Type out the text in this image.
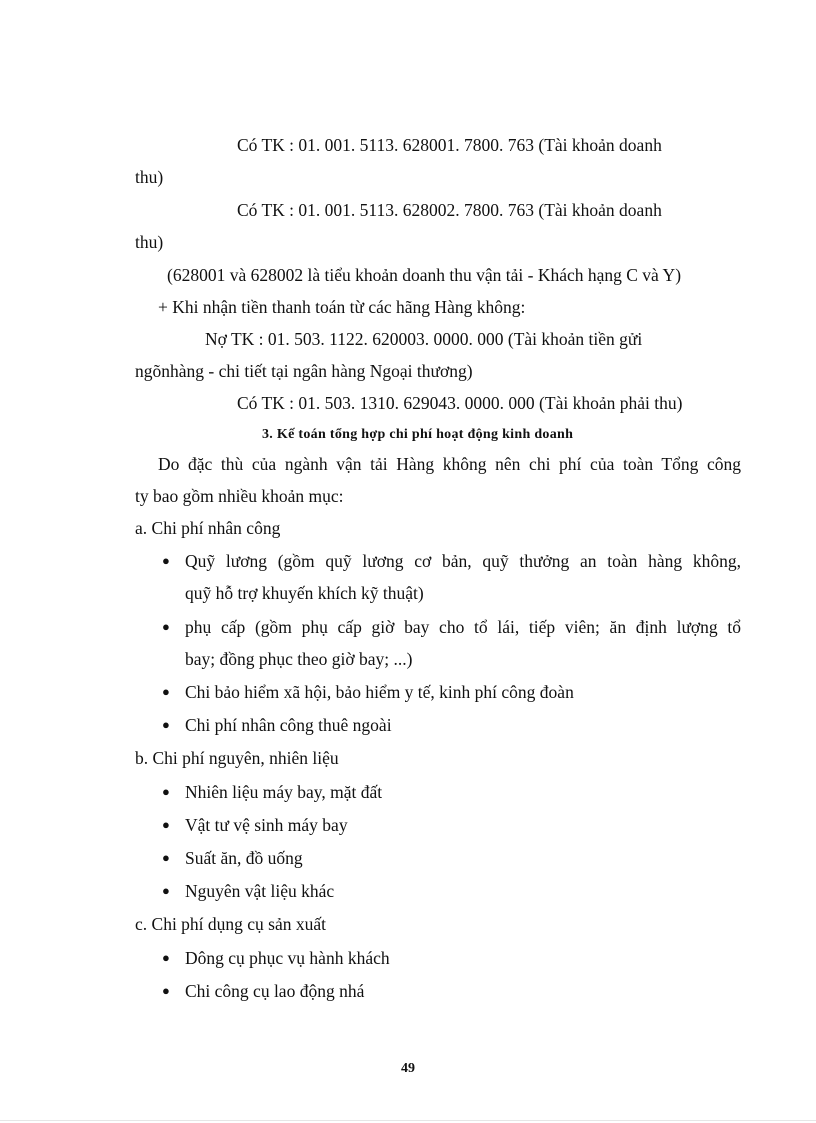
Có TK : 01. 001. 5113. 628001. 7800. 763 (Tài khoản doanh
thu)
Có TK : 01. 001. 5113. 628002. 7800. 763 (Tài khoản doanh
thu)
(628001 và 628002 là tiểu khoản doanh thu vận tải - Khách hạng C và Y)
+ Khi nhận tiền thanh toán từ các hãng Hàng không:
Nợ TK : 01. 503. 1122. 620003. 0000. 000 (Tài khoản tiền gửi
ngõnhàng - chi tiết tại ngân hàng Ngoại thương)
Có TK : 01. 503. 1310. 629043. 0000. 000 (Tài khoản phải thu)
3. Kế toán tổng hợp chi phí hoạt động kinh doanh
Do đặc thù của ngành vận tải Hàng không nên chi phí của toàn Tổng công
ty bao gồm nhiều khoản mục:
a. Chi phí nhân công
● Quỹ lương (gồm quỹ lương cơ bản, quỹ thưởng an toàn hàng không,
quỹ hỗ trợ khuyến khích kỹ thuật)
● phụ cấp (gồm phụ cấp giờ bay cho tổ lái, tiếp viên; ăn định lượng tổ
bay; đồng phục theo giờ bay; ...)
● Chi bảo hiểm xã hội, bảo hiểm y tế, kinh phí công đoàn
● Chi phí nhân công thuê ngoài
b. Chi phí nguyên, nhiên liệu
● Nhiên liệu máy bay, mặt đất
● Vật tư vệ sinh máy bay
● Suất ăn, đồ uống
● Nguyên vật liệu khác
c. Chi phí dụng cụ sản xuất
● Dông cụ phục vụ hành khách
● Chi công cụ lao động nhá
49
